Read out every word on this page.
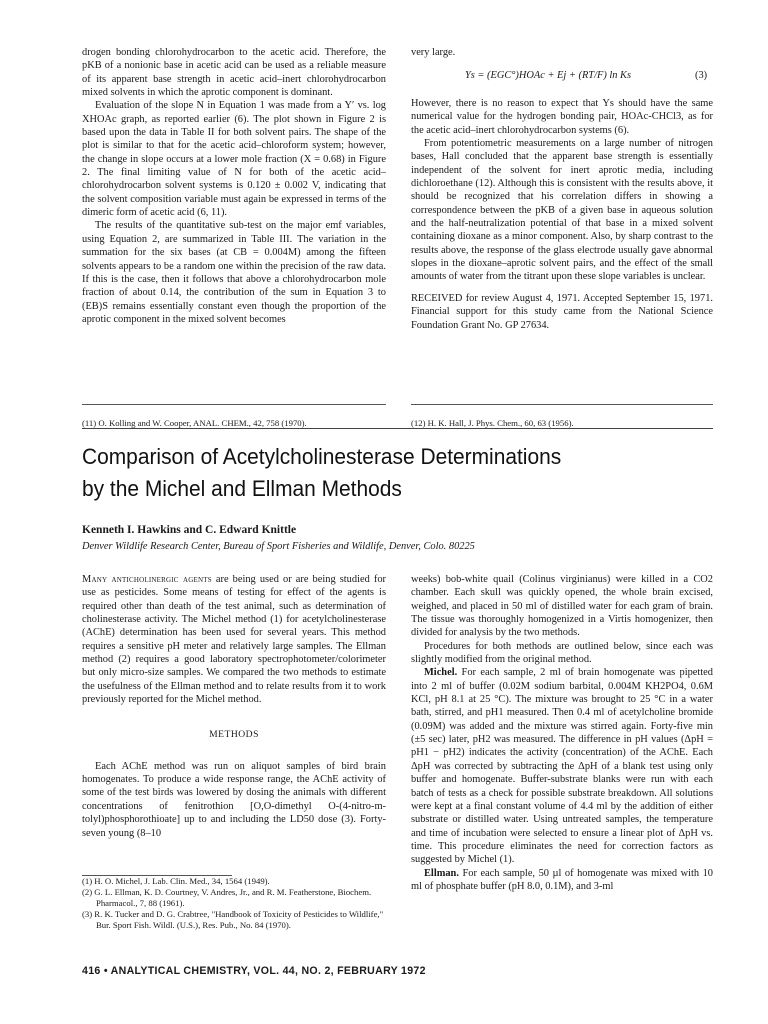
drogen bonding chlorohydrocarbon to the acetic acid. Therefore, the pKB of a nonionic base in acetic acid can be used as a reliable measure of its apparent base strength in acetic acid–inert chlorohydrocarbon mixed solvents in which the aprotic component is dominant.

Evaluation of the slope N in Equation 1 was made from a Y′ vs. log XHOAc graph, as reported earlier (6). The plot shown in Figure 2 is based upon the data in Table II for both solvent pairs. The shape of the plot is similar to that for the acetic acid–chloroform system; however, the change in slope occurs at a lower mole fraction (X = 0.68) in Figure 2. The final limiting value of N for both of the acetic acid–chlorohydrocarbon solvent systems is 0.120 ± 0.002 V, indicating that the solvent composition variable must again be expressed in terms of the dimeric form of acetic acid (6, 11).

The results of the quantitative sub-test on the major emf variables, using Equation 2, are summarized in Table III. The variation in the summation for the six bases (at CB = 0.004M) among the fifteen solvents appears to be a random one within the precision of the raw data. If this is the case, then it follows that above a chlorohydrocarbon mole fraction of about 0.14, the contribution of the sum in Equation 3 to (EB)S remains essentially constant even though the proportion of the aprotic component in the mixed solvent becomes

(11) O. Kolling and W. Cooper, ANAL. CHEM., 42, 758 (1970).

very large.

Ys = (EGC°)HOAc + Ej + (RT/F) ln Ks	(3)

However, there is no reason to expect that Ys should have the same numerical value for the hydrogen bonding pair, HOAc-CHCl3, as for the acetic acid–inert chlorohydrocarbon systems (6).

From potentiometric measurements on a large number of nitrogen bases, Hall concluded that the apparent base strength is essentially independent of the solvent for inert aprotic media, including dichloroethane (12). Although this is consistent with the results above, it should be recognized that his correlation differs in showing a correspondence between the pKB of a given base in aqueous solution and the half-neutralization potential of that base in a mixed solvent containing dioxane as a minor component. Also, by sharp contrast to the results above, the response of the glass electrode usually gave abnormal slopes in the dioxane–aprotic solvent pairs, and the effect of the small amounts of water from the titrant upon these slope variables is unclear.

RECEIVED for review August 4, 1971. Accepted September 15, 1971. Financial support for this study came from the National Science Foundation Grant No. GP 27634.

(12) H. K. Hall, J. Phys. Chem., 60, 63 (1956).
Comparison of Acetylcholinesterase Determinations
by the Michel and Ellman Methods
Kenneth I. Hawkins and C. Edward Knittle
Denver Wildlife Research Center, Bureau of Sport Fisheries and Wildlife, Denver, Colo. 80225

Many anticholinergic agents are being used or are being studied for use as pesticides. Some means of testing for effect of the agents is required other than death of the test animal, such as determination of cholinesterase activity. The Michel method (1) for acetylcholinesterase (AChE) determination has been used for several years. This method requires a sensitive pH meter and relatively large samples. The Ellman method (2) requires a good laboratory spectrophotometer/colorimeter but only micro-size samples. We compared the two methods to estimate the usefulness of the Ellman method and to relate results from it to work previously reported for the Michel method.

METHODS

Each AChE method was run on aliquot samples of bird brain homogenates. To produce a wide response range, the AChE activity of some of the test birds was lowered by dosing the animals with different concentrations of fenitrothion [O,O-dimethyl O-(4-nitro-m-tolyl)phosphorothioate] up to and including the LD50 dose (3). Forty-seven young (8–10

(1) H. O. Michel, J. Lab. Clin. Med., 34, 1564 (1949).
(2) G. L. Ellman, K. D. Courtney, V. Andres, Jr., and R. M. Featherstone, Biochem. Pharmacol., 7, 88 (1961).
(3) R. K. Tucker and D. G. Crabtree, "Handbook of Toxicity of Pesticides to Wildlife," Bur. Sport Fish. Wildl. (U.S.), Res. Pub., No. 84 (1970).

weeks) bob-white quail (Colinus virginianus) were killed in a CO2 chamber. Each skull was quickly opened, the whole brain excised, weighed, and placed in 50 ml of distilled water for each gram of brain. The tissue was thoroughly homogenized in a Virtis homogenizer, then divided for analysis by the two methods.

Procedures for both methods are outlined below, since each was slightly modified from the original method.

Michel. For each sample, 2 ml of brain homogenate was pipetted into 2 ml of buffer (0.02M sodium barbital, 0.004M KH2PO4, 0.6M KCl, pH 8.1 at 25 °C). The mixture was brought to 25 °C in a water bath, stirred, and pH1 measured. Then 0.4 ml of acetylcholine bromide (0.09M) was added and the mixture was stirred again. Forty-five min (±5 sec) later, pH2 was measured. The difference in pH values (ΔpH = pH1 − pH2) indicates the activity (concentration) of the AChE. Each ΔpH was corrected by subtracting the ΔpH of a blank test using only buffer and homogenate. Buffer-substrate blanks were run with each batch of tests as a check for possible substrate breakdown. All solutions were kept at a final constant volume of 4.4 ml by the addition of either substrate or distilled water. Using untreated samples, the temperature and time of incubation were selected to ensure a linear plot of ΔpH vs. time. This procedure eliminates the need for correction factors as suggested by Michel (1).

Ellman. For each sample, 50 µl of homogenate was mixed with 10 ml of phosphate buffer (pH 8.0, 0.1M), and 3-ml

416 • ANALYTICAL CHEMISTRY, VOL. 44, NO. 2, FEBRUARY 1972
